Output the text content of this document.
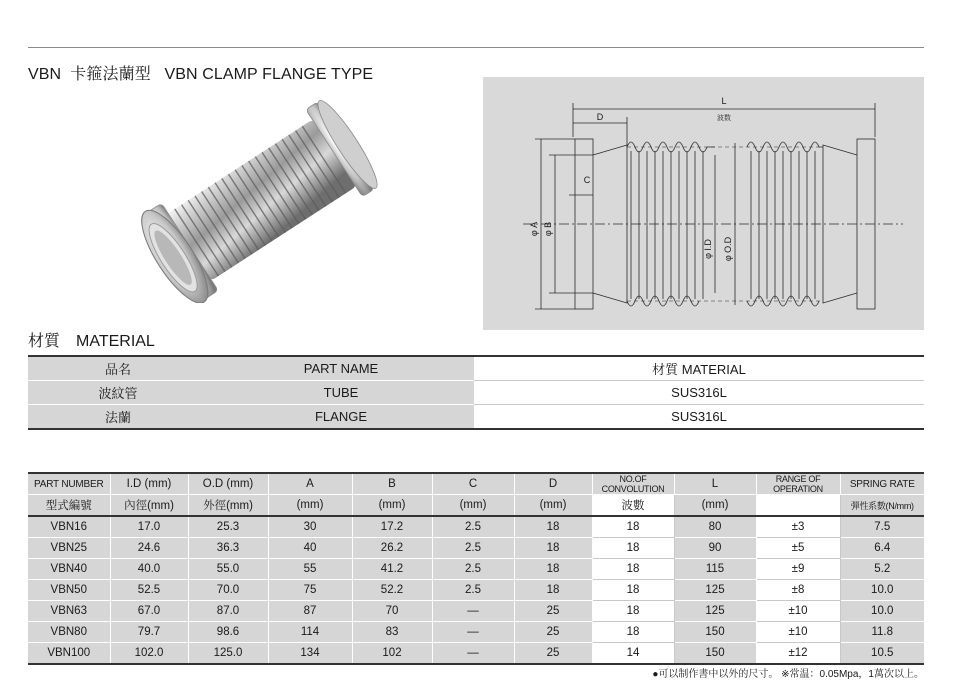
VBN 卡箍法蘭型 VBN CLAMP FLANGE TYPE
L
波数
D
C
φ A φ B
φ I.D φ O.D
材質　MATERIAL
品名	PART NAME	材質 MATERIAL
波紋管	TUBE	SUS316L
法蘭	FLANGE	SUS316L
PART NUMBER	I.D (mm)	O.D (mm)	A	B	C	D	NO.OF CONVOLUTION	L	RANGE OF OPERATION	SPRING RATE
型式編號	內徑(mm)	外徑(mm)	(mm)	(mm)	(mm)	(mm)	波數	(mm)		彈性系數(N/mm)
VBN16	17.0	25.3	30	17.2	2.5	18	18	80	±3	7.5
VBN25	24.6	36.3	40	26.2	2.5	18	18	90	±5	6.4
VBN40	40.0	55.0	55	41.2	2.5	18	18	115	±9	5.2
VBN50	52.5	70.0	75	52.2	2.5	18	18	125	±8	10.0
VBN63	67.0	87.0	87	70	—	25	18	125	±10	10.0
VBN80	79.7	98.6	114	83	—	25	18	150	±10	11.8
VBN100	102.0	125.0	134	102	—	25	14	150	±12	10.5
●可以制作書中以外的尺寸。 ※常温：0.05Mpa，1萬次以上。
